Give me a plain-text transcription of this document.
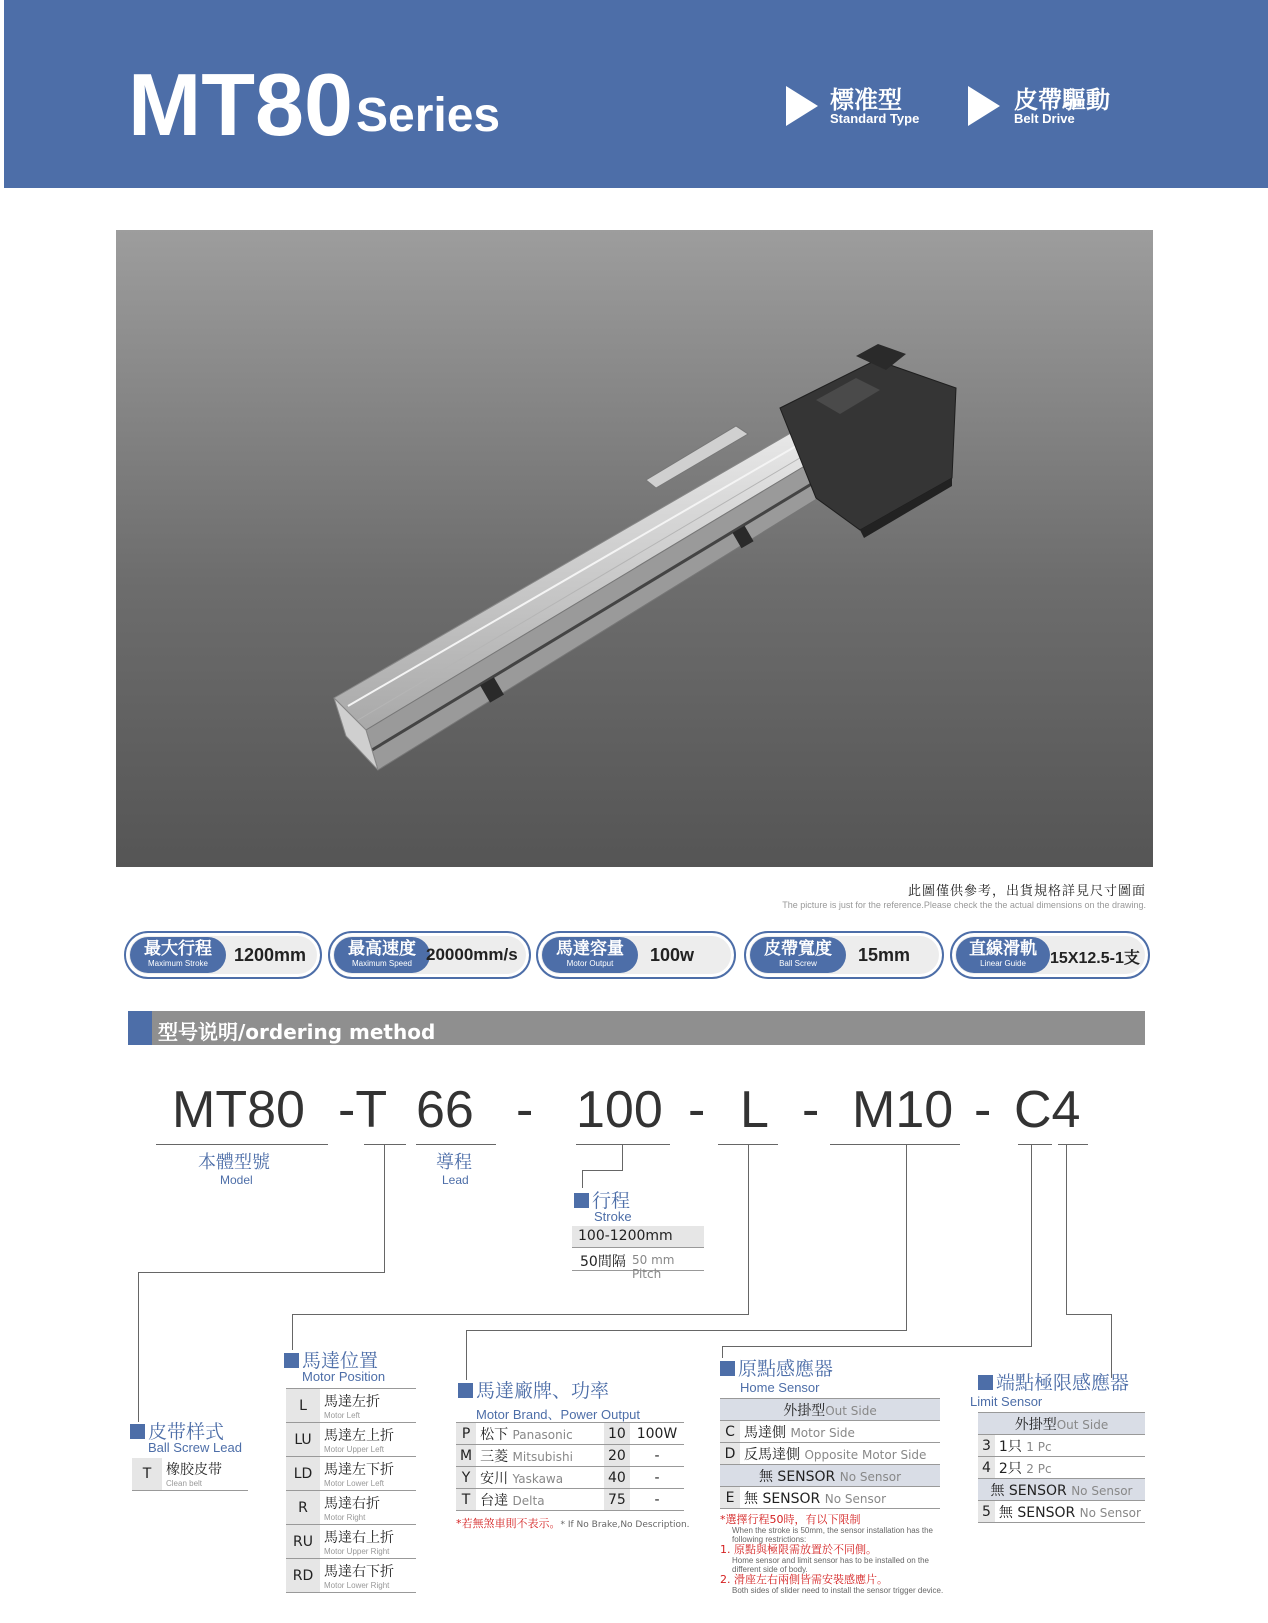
MT80 Series	標准型
Standard Type
皮帶驅動
Belt Drive
此圖僅供參考，出貨規格詳見尺寸圖面
The picture is just for the reference.Please check the the actual dimensions on the drawing.
最大行程
Maximum Stroke	1200mm	最高速度
Maximum Speed 20000mm/s	馬達容量
Motor Output	100w	皮帶寬度
Ball Screw	15mm	直線滑軌
Linear Guide	15X12.5-1支
型号说明/ordering method
MT80 -T 66 - 100 - L - M10 - C4
本體型號
Model
導程
Lead
行程
Stroke
100-1200mm
50間隔 50 mm Pitch
皮带样式
Ball Screw Lead
T	橡胶皮带
Clean belt
馬達位置
Motor Position
L	馬達左折
Motor Left

LU	馬達左上折
Motor Upper Left

LD	馬達左下折
Motor Lower Left

R	馬達右折
Motor Right

RU	馬達右上折
Motor Upper Right

RD	馬達右下折
Motor Lower Right
馬達廠牌、功率
Motor Brand、Power Output
P	松下 Panasonic	10	100W
M	三菱 Mitsubishi	20	-
Y	安川 Yaskawa	40	-
T	台達 Delta	75	-
*若無煞車則不表示。* If No Brake,No Description.
原點感應器
Home Sensor
外掛型Out Side	
C	馬達側 Motor Side
D	反馬達側 Opposite Motor Side
無 SENSOR No Sensor	
E	無 SENSOR No Sensor
*選擇行程50時，有以下限制
When the stroke is 50mm, the sensor installation has the following restrictions:
1. 原點與極限需放置於不同側。
Home sensor and limit sensor has to be installed on the different side of body.
2. 滑座左右兩側皆需安裝感應片。
Both sides of slider need to install the sensor trigger device.
端點極限感應器
Limit Sensor
外掛型Out Side	
3	1只 1 Pc
4	2只 2 Pc
無 SENSOR No Sensor	
5	無 SENSOR No Sensor
